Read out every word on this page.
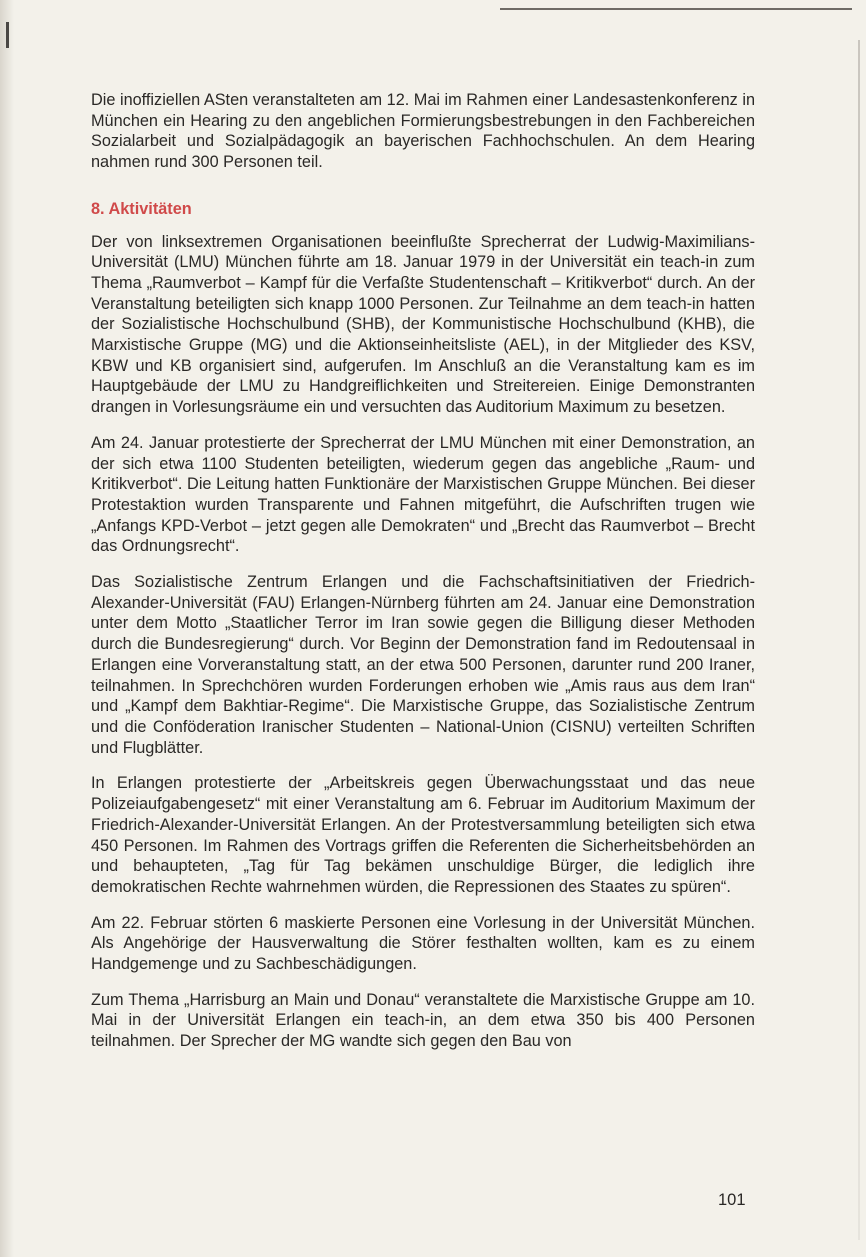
Die inoffiziellen ASten veranstalteten am 12. Mai im Rahmen einer Landesastenkonferenz in München ein Hearing zu den angeblichen Formierungsbestrebungen in den Fachbereichen Sozialarbeit und Sozialpädagogik an bayerischen Fachhochschulen. An dem Hearing nahmen rund 300 Personen teil.

8. Aktivitäten

Der von linksextremen Organisationen beeinflußte Sprecherrat der Ludwig-Maximilians-Universität (LMU) München führte am 18. Januar 1979 in der Universität ein teach-in zum Thema „Raumverbot – Kampf für die Verfaßte Studentenschaft – Kritikverbot“ durch. An der Veranstaltung beteiligten sich knapp 1000 Personen. Zur Teilnahme an dem teach-in hatten der Sozialistische Hochschulbund (SHB), der Kommunistische Hochschulbund (KHB), die Marxistische Gruppe (MG) und die Aktionseinheitsliste (AEL), in der Mitglieder des KSV, KBW und KB organisiert sind, aufgerufen. Im Anschluß an die Veranstaltung kam es im Hauptgebäude der LMU zu Handgreiflichkeiten und Streitereien. Einige Demonstranten drangen in Vorlesungsräume ein und versuchten das Auditorium Maximum zu besetzen.

Am 24. Januar protestierte der Sprecherrat der LMU München mit einer Demonstration, an der sich etwa 1100 Studenten beteiligten, wiederum gegen das angebliche „Raum- und Kritikverbot“. Die Leitung hatten Funktionäre der Marxistischen Gruppe München. Bei dieser Protestaktion wurden Transparente und Fahnen mitgeführt, die Aufschriften trugen wie „Anfangs KPD-Verbot – jetzt gegen alle Demokraten“ und „Brecht das Raumverbot – Brecht das Ordnungsrecht“.

Das Sozialistische Zentrum Erlangen und die Fachschaftsinitiativen der Friedrich-Alexander-Universität (FAU) Erlangen-Nürnberg führten am 24. Januar eine Demonstration unter dem Motto „Staatlicher Terror im Iran sowie gegen die Billigung dieser Methoden durch die Bundesregierung“ durch. Vor Beginn der Demonstration fand im Redoutensaal in Erlangen eine Vorveranstaltung statt, an der etwa 500 Personen, darunter rund 200 Iraner, teilnahmen. In Sprechchören wurden Forderungen erhoben wie „Amis raus aus dem Iran“ und „Kampf dem Bakhtiar-Regime“. Die Marxistische Gruppe, das Sozialistische Zentrum und die Conföderation Iranischer Studenten – National-Union (CISNU) verteilten Schriften und Flugblätter.

In Erlangen protestierte der „Arbeitskreis gegen Überwachungsstaat und das neue Polizeiaufgabengesetz“ mit einer Veranstaltung am 6. Februar im Auditorium Maximum der Friedrich-Alexander-Universität Erlangen. An der Protestversammlung beteiligten sich etwa 450 Personen. Im Rahmen des Vortrags griffen die Referenten die Sicherheitsbehörden an und behaupteten, „Tag für Tag bekämen unschuldige Bürger, die lediglich ihre demokratischen Rechte wahrnehmen würden, die Repressionen des Staates zu spüren“.

Am 22. Februar störten 6 maskierte Personen eine Vorlesung in der Universität München. Als Angehörige der Hausverwaltung die Störer festhalten wollten, kam es zu einem Handgemenge und zu Sachbeschädigungen.

Zum Thema „Harrisburg an Main und Donau“ veranstaltete die Marxistische Gruppe am 10. Mai in der Universität Erlangen ein teach-in, an dem etwa 350 bis 400 Personen teilnahmen. Der Sprecher der MG wandte sich gegen den Bau von

101
